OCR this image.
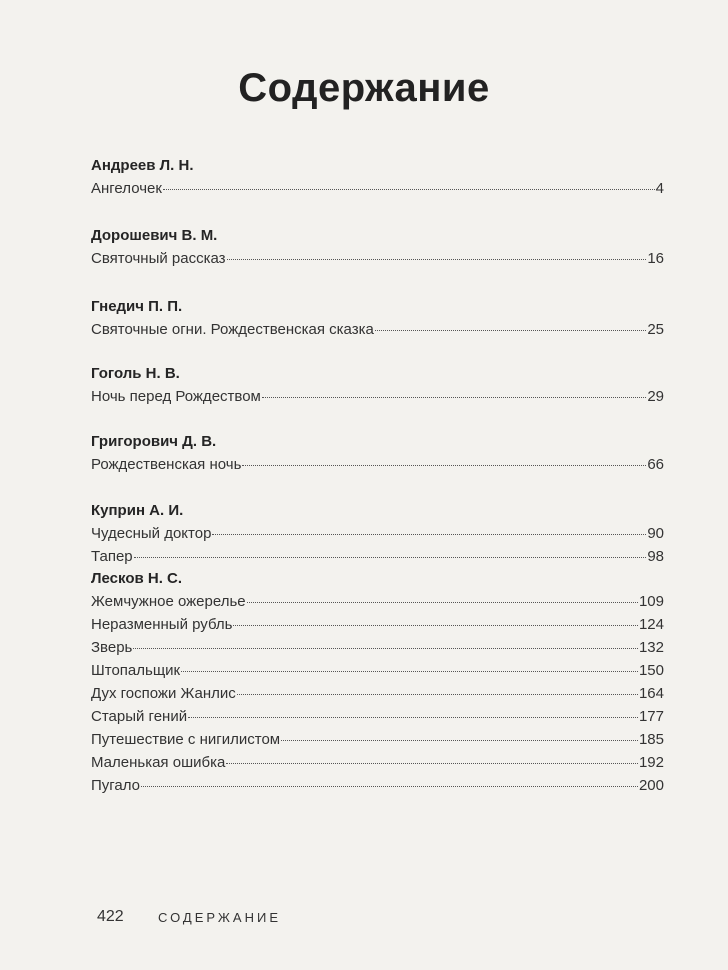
Содержание
Андреев Л. Н.
Ангелочек	4
Дорошевич В. М.
Святочный рассказ	16
Гнедич П. П.
Святочные огни. Рождественская сказка	25
Гоголь Н. В.
Ночь перед Рождеством	29
Григорович Д. В.
Рождественская ночь	66
Куприн А. И.
Чудесный доктор	90
Тапер	98
Лесков Н. С.
Жемчужное ожерелье	109
Неразменный рубль	124
Зверь	132
Штопальщик	150
Дух госпожи Жанлис	164
Старый гений	177
Путешествие с нигилистом	185
Маленькая ошибка	192
Пугало	200
422	СОДЕРЖАНИЕ
